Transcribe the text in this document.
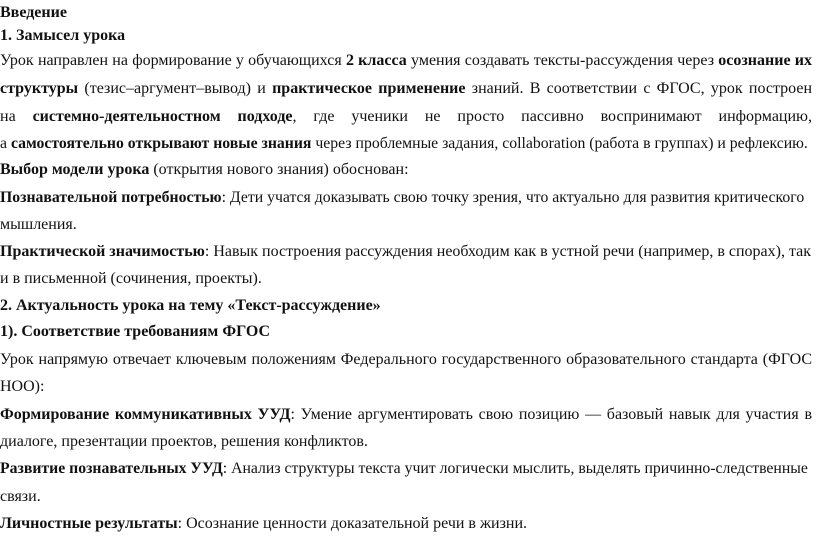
Введение
1. Замысел урока
Урок направлен на формирование у обучающихся 2 класса умения создавать тексты-рассуждения через осознание их
структуры (тезис–аргумент–вывод) и практическое применение знаний. В соответствии с ФГОС, урок построен
на системно-деятельностном подходе, где ученики не просто пассивно воспринимают информацию,
а самостоятельно открывают новые знания через проблемные задания, collaboration (работа в группах) и рефлексию.
Выбор модели урока (открытия нового знания) обоснован:
Познавательной потребностью: Дети учатся доказывать свою точку зрения, что актуально для развития критического
мышления.
Практической значимостью: Навык построения рассуждения необходим как в устной речи (например, в спорах), так
и в письменной (сочинения, проекты).
2. Актуальность урока на тему «Текст-рассуждение»
1). Соответствие требованиям ФГОС
Урок напрямую отвечает ключевым положениям Федерального государственного образовательного стандарта (ФГОС
НОО):
Формирование коммуникативных УУД: Умение аргументировать свою позицию — базовый навык для участия в
диалоге, презентации проектов, решения конфликтов.
Развитие познавательных УУД: Анализ структуры текста учит логически мыслить, выделять причинно-следственные
связи.
Личностные результаты: Осознание ценности доказательной речи в жизни.
